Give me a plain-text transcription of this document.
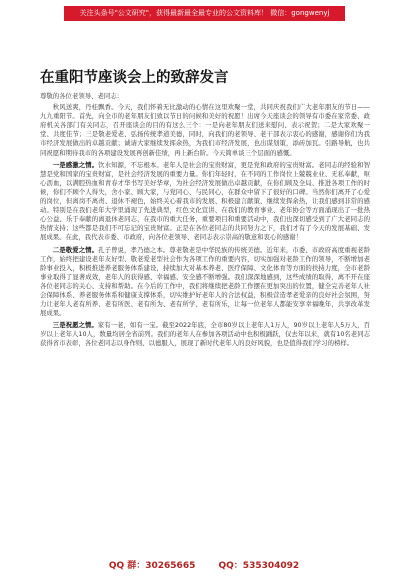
关注头条号"公文研究"，获得最新最全最专业的公文资料库！ 微信：gongwenyj
在重阳节座谈会上的致辞发言

尊敬的各位老领导、老同志：

秋风送爽，丹桂飘香。今天，我们怀着无比激动的心情在这里欢聚一堂，共同庆祝我们广大老年朋友的节日——九九重阳节。首先，向全市的老年朋友们致以节日的问候和美好的祝愿！出席今天座谈会的领导有市委在家常委、政府机关各部门有关同志，召开座谈会的目的有这么三个：一是向老年朋友们送来慰问、表示祝贺；二是大家欢聚一堂、共度佳节；三是敬老爱老、弘扬传统孝道美德，同时，向我们的老领导、老干部表示衷心的感谢，感谢你们为我市经济发展做出的卓越贡献；诚请大家继续发挥余热，为我们市经济发展，也出谋划策，添砖加瓦。引路导航，也共同祝愿和期待我市的各项建设发展再创新佳绩，再上新台阶。今天简单谈三个层面的感慨。

一是感激之情。饮水知源，不忘根本。老年人是社会的宝贵财富，更是党和政府的宝贵财富。老同志的经验和智慧是党和国家的宝贵财富，是社会经济发展的重要力量。你们年轻时，在不同的工作岗位上兢兢业业、无私奉献，呕心沥血，以满腔热血和青春才华书写美好华章，为社会经济发展做出卓越贡献，在你们顾及全局、推进各项工作的时候，你们不顾个人得失，舍小家、顾大家，与党同心、与民同心，在群众中留下了很好的口碑。当然你们离开了心爱的岗位，但离岗不离责、退休不褪色，始终关心着我市的发展、积极建言献策、继续发挥余热，让我们感到非常的感动。特别是在我们老年大学里涌现了先进典型，红色文化宣讲、在我们的教育事业、老年协会等方面涌现出了一批热心公益、乐于奉献的离退休老同志，在我市的重大任务，重要项目和重要活动中，我们也深切感受到了广大老同志的热情支持；这些都是我们不可忘记的宝贵财富。正是在各位老同志的共同努力之下，我们才有了今天的发展基础、发展成果。在此，我代表市委、市政府，向各位老领导、老同志表示崇高的敬意和衷心的感谢！

二是敬爱之情。孔子曾说，孝乃德之本。尊老敬老是中华民族的传统美德。近年来，市委、市政府高度重视老龄工作，始终把建设老年友好型、敬老爱老型社会作为各项工作的重要内容，切实加强对老龄工作的领导，不断增加老龄事业投入，积极推进养老服务体系建设，持续加大对基本养老、医疗保障、文化体育等方面的扶持力度，全市老龄事业取得了显著成效，老年人的获得感、幸福感、安全感不断增强。我们深深地感到，这些成绩的取得，离不开在座各位老同志的关心、支持和帮助。在今后的工作中，我们将继续把老龄工作摆在更加突出的位置，健全完善老年人社会保障体系、养老服务体系和健康支撑体系，切实维护好老年人的合法权益，积极营造孝老爱亲的良好社会氛围，努力让老年人老有所养、老有所医、老有所为、老有所学、老有所乐，让每一位老年人都能安享幸福晚年，共享改革发展成果。

三是祝愿之情。家有一老，如有一宝。截至2022年底，全市80岁以上老年人1万人，90岁以上老年人5万人，百岁以上老年人10人，数量均居全省前列。我们的老年人在参加各项活动中也积极踊跃，仅去年以来，就有10名老同志获得省市表彰，各位老同志以身作则、以德服人，展现了新时代老年人的良好风貌，也是值得我们学习的榜样。

QQ 群：30265665	QQ：535304092
